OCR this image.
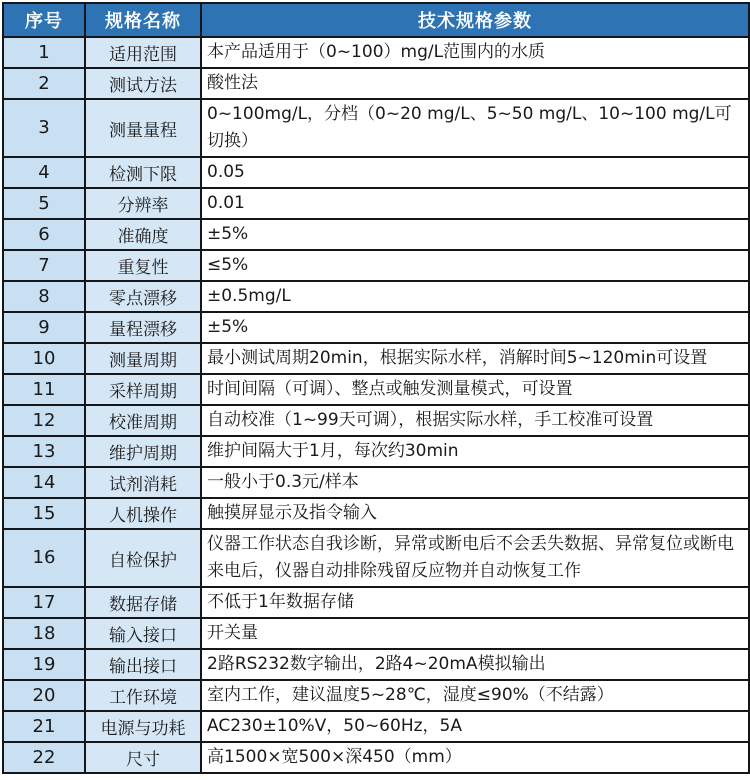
序号	规格名称	技术规格参数
1	适用范围	本产品适用于（0~100）mg/L范围内的水质
2	测试方法	酸性法
3	测量量程	0~100mg/L，分档（0~20 mg/L、5~50 mg/L、10~100 mg/L可切换）
4	检测下限	0.05
5	分辨率	0.01
6	准确度	±5%
7	重复性	≤5%
8	零点漂移	±0.5mg/L
9	量程漂移	±5%
10	测量周期	最小测试周期20min，根据实际水样，消解时间5~120min可设置
11	采样周期	时间间隔（可调）、整点或触发测量模式，可设置
12	校准周期	自动校准（1~99天可调），根据实际水样，手工校准可设置
13	维护周期	维护间隔大于1月，每次约30min
14	试剂消耗	一般小于0.3元/样本
15	人机操作	触摸屏显示及指令输入
16	自检保护	仪器工作状态自我诊断，异常或断电后不会丢失数据、异常复位或断电来电后，仪器自动排除残留反应物并自动恢复工作
17	数据存储	不低于1年数据存储
18	输入接口	开关量
19	输出接口	2路RS232数字输出，2路4~20mA模拟输出
20	工作环境	室内工作，建议温度5~28℃，湿度≤90%（不结露）
21	电源与功耗	AC230±10%V，50~60Hz，5A
22	尺寸	高1500×宽500×深450（mm）
